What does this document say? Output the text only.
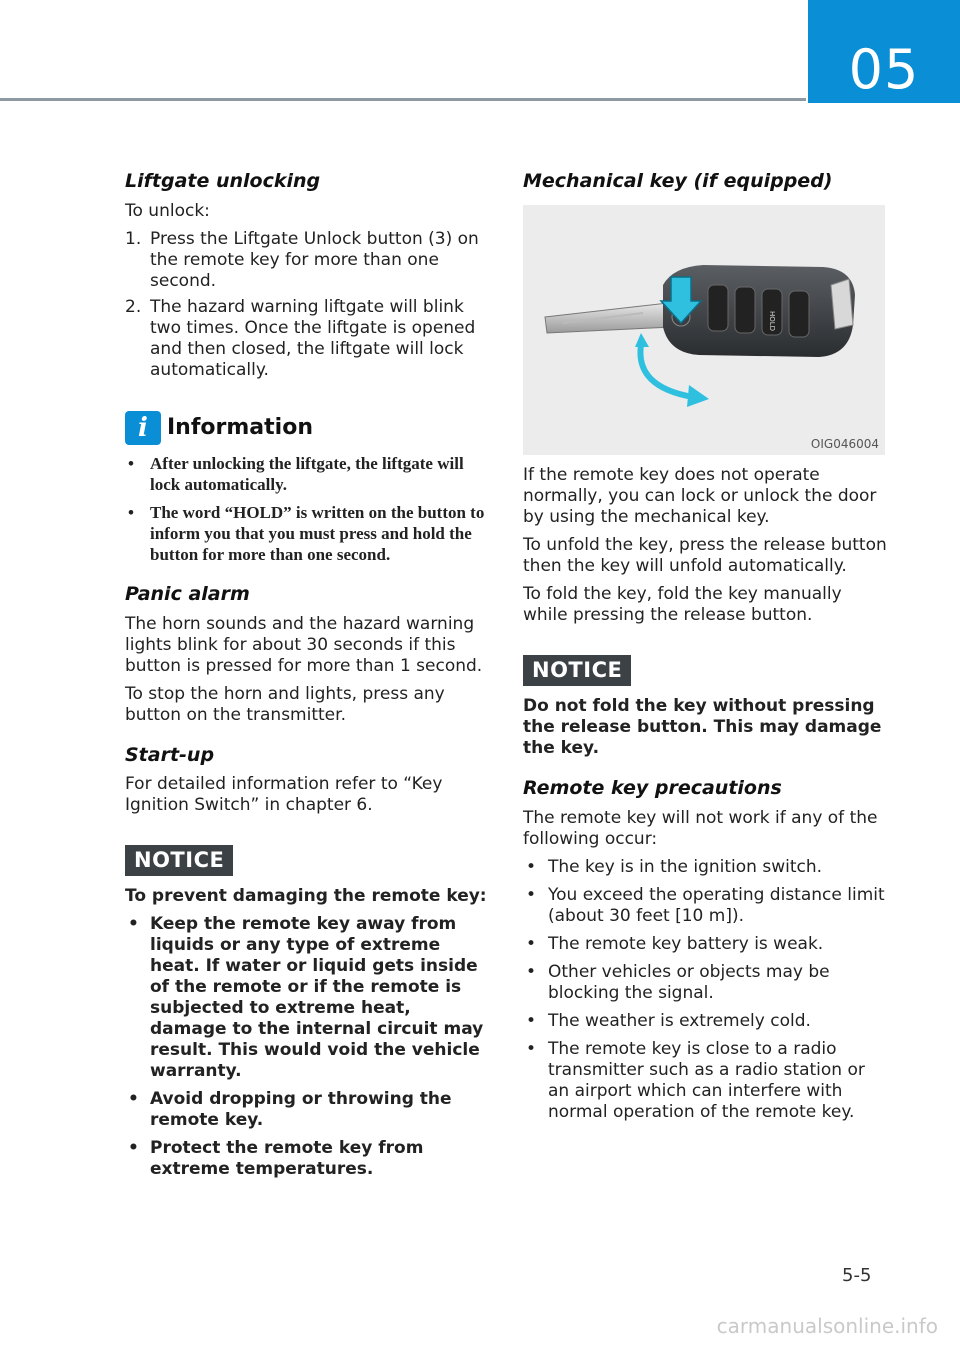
05
Liftgate unlocking

To unlock:

1. Press the Liftgate Unlock button (3) on the remote key for more than one second.
2. The hazard warning liftgate will blink two times. Once the liftgate is opened and then closed, the liftgate will lock automatically.
i Information
• After unlocking the liftgate, the liftgate will lock automatically.
• The word “HOLD” is written on the button to inform you that you must press and hold the button for more than one second.
Panic alarm

The horn sounds and the hazard warning lights blink for about 30 seconds if this button is pressed for more than 1 second.

To stop the horn and lights, press any button on the transmitter.

Start-up

For detailed information refer to “Key Ignition Switch” in chapter 6.

NOTICE

To prevent damaging the remote key:

• Keep the remote key away from liquids or any type of extreme heat. If water or liquid gets inside of the remote or if the remote is subjected to extreme heat, damage to the internal circuit may result. This would void the vehicle warranty.
• Avoid dropping or throwing the remote key.
• Protect the remote key from extreme temperatures.
Mechanical key (if equipped)
HOLD
OIG046004

If the remote key does not operate normally, you can lock or unlock the door by using the mechanical key.

To unfold the key, press the release button then the key will unfold automatically.

To fold the key, fold the key manually while pressing the release button.

NOTICE

Do not fold the key without pressing the release button. This may damage the key.

Remote key precautions

The remote key will not work if any of the following occur:

• The key is in the ignition switch.
• You exceed the operating distance limit (about 30 feet [10 m]).
• The remote key battery is weak.
• Other vehicles or objects may be blocking the signal.
• The weather is extremely cold.
• The remote key is close to a radio transmitter such as a radio station or an airport which can interfere with normal operation of the remote key.
5-5
carmanualsonline.info
